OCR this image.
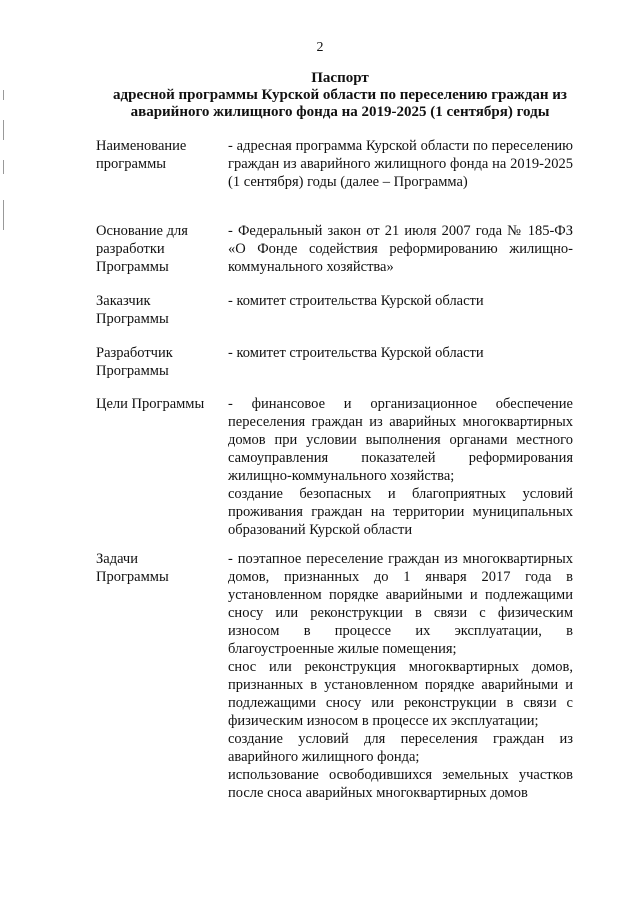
2
Паспорт
адресной программы Курской области по переселению граждан из
аварийного жилищного фонда на 2019-2025 (1 сентября) годы
Наименование
программы

- адресная программа Курской области по переселению граждан из аварийного жилищного фонда на 2019-2025 (1 сентября) годы (далее – Программа)

Основание для
разработки
Программы

- Федеральный закон от 21 июля 2007 года № 185-ФЗ «О Фонде содействия реформированию жилищно-коммунального хозяйства»

Заказчик
Программы

- комитет строительства Курской области

Разработчик
Программы

- комитет строительства Курской области

Цели Программы	- финансовое и организационное обеспечение переселения граждан из аварийных многоквартирных домов при условии выполнения органами местного самоуправления показателей реформирования жилищно-коммунального хозяйства;

создание безопасных и благоприятных условий проживания граждан на территории муниципальных образований Курской области

Задачи
Программы

- поэтапное переселение граждан из многоквартирных домов, признанных до 1 января 2017 года в установленном порядке аварийными и подлежащими сносу или реконструкции в связи с физическим износом в процессе их эксплуатации, в благоустроенные жилые помещения;

снос или реконструкция многоквартирных домов, признанных в установленном порядке аварийными и подлежащими сносу или реконструкции в связи с физическим износом в процессе их эксплуатации;

создание условий для переселения граждан из аварийного жилищного фонда;

использование освободившихся земельных участков после сноса аварийных многоквартирных домов
